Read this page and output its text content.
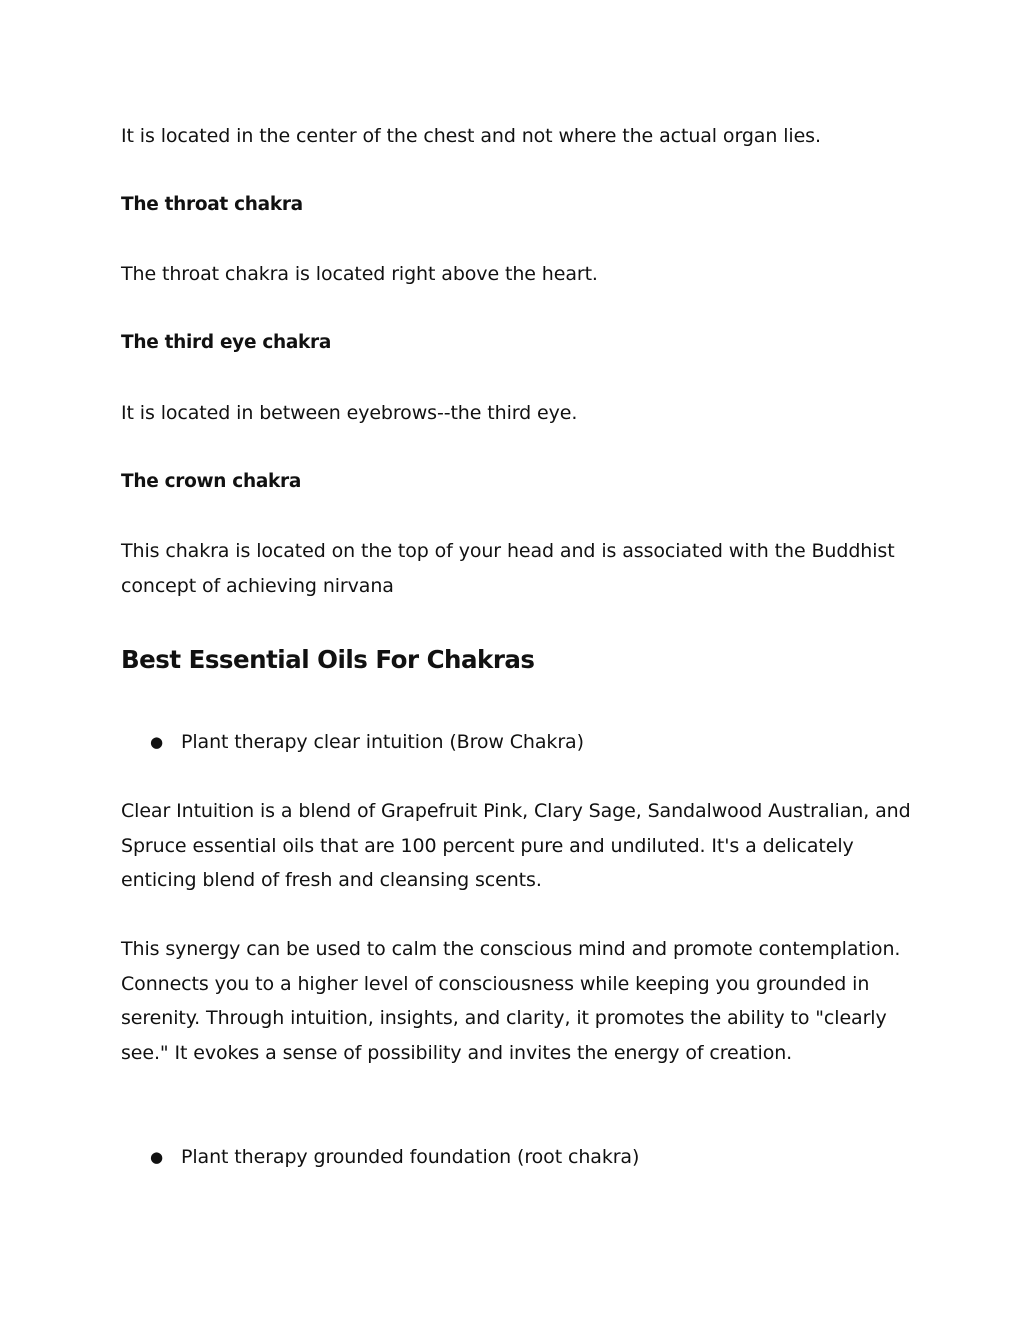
It is located in the center of the chest and not where the actual organ lies.

The throat chakra

The throat chakra is located right above the heart.

The third eye chakra

It is located in between eyebrows--the third eye.

The crown chakra

This chakra is located on the top of your head and is associated with the Buddhist concept of achieving nirvana

Best Essential Oils For Chakras
● Plant therapy clear intuition (Brow Chakra)

Clear Intuition is a blend of Grapefruit Pink, Clary Sage, Sandalwood Australian, and Spruce essential oils that are 100 percent pure and undiluted. It's a delicately enticing blend of fresh and cleansing scents.

This synergy can be used to calm the conscious mind and promote contemplation. Connects you to a higher level of consciousness while keeping you grounded in serenity. Through intuition, insights, and clarity, it promotes the ability to "clearly see." It evokes a sense of possibility and invites the energy of creation.

● Plant therapy grounded foundation (root chakra)
